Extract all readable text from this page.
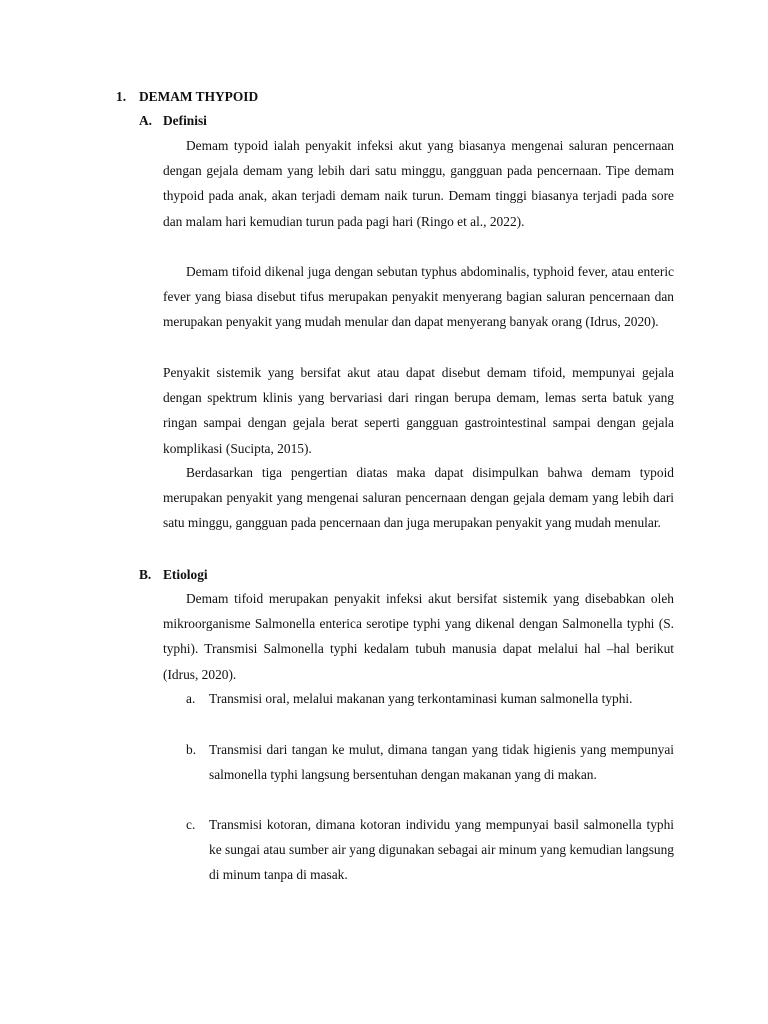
1. DEMAM THYPOID
A. Definisi

Demam typoid ialah penyakit infeksi akut yang biasanya mengenai saluran pencernaan dengan gejala demam yang lebih dari satu minggu, gangguan pada pencernaan. Tipe demam thypoid pada anak, akan terjadi demam naik turun. Demam tinggi biasanya terjadi pada sore dan malam hari kemudian turun pada pagi hari (Ringo et al., 2022).

Demam tifoid dikenal juga dengan sebutan typhus abdominalis, typhoid fever, atau enteric fever yang biasa disebut tifus merupakan penyakit menyerang bagian saluran pencernaan dan merupakan penyakit yang mudah menular dan dapat menyerang banyak orang (Idrus, 2020).

Penyakit sistemik yang bersifat akut atau dapat disebut demam tifoid, mempunyai gejala dengan spektrum klinis yang bervariasi dari ringan berupa demam, lemas serta batuk yang ringan sampai dengan gejala berat seperti gangguan gastrointestinal sampai dengan gejala komplikasi (Sucipta, 2015).

Berdasarkan tiga pengertian diatas maka dapat disimpulkan bahwa demam typoid merupakan penyakit yang mengenai saluran pencernaan dengan gejala demam yang lebih dari satu minggu, gangguan pada pencernaan dan juga merupakan penyakit yang mudah menular.

B. Etiologi

Demam tifoid merupakan penyakit infeksi akut bersifat sistemik yang disebabkan oleh mikroorganisme Salmonella enterica serotipe typhi yang dikenal dengan Salmonella typhi (S. typhi). Transmisi Salmonella typhi kedalam tubuh manusia dapat melalui hal –hal berikut (Idrus, 2020).

a. Transmisi oral, melalui makanan yang terkontaminasi kuman salmonella typhi.
b. Transmisi dari tangan ke mulut, dimana tangan yang tidak higienis yang mempunyai salmonella typhi langsung bersentuhan dengan makanan yang di makan.
c. Transmisi kotoran, dimana kotoran individu yang mempunyai basil salmonella typhi ke sungai atau sumber air yang digunakan sebagai air minum yang kemudian langsung di minum tanpa di masak.
